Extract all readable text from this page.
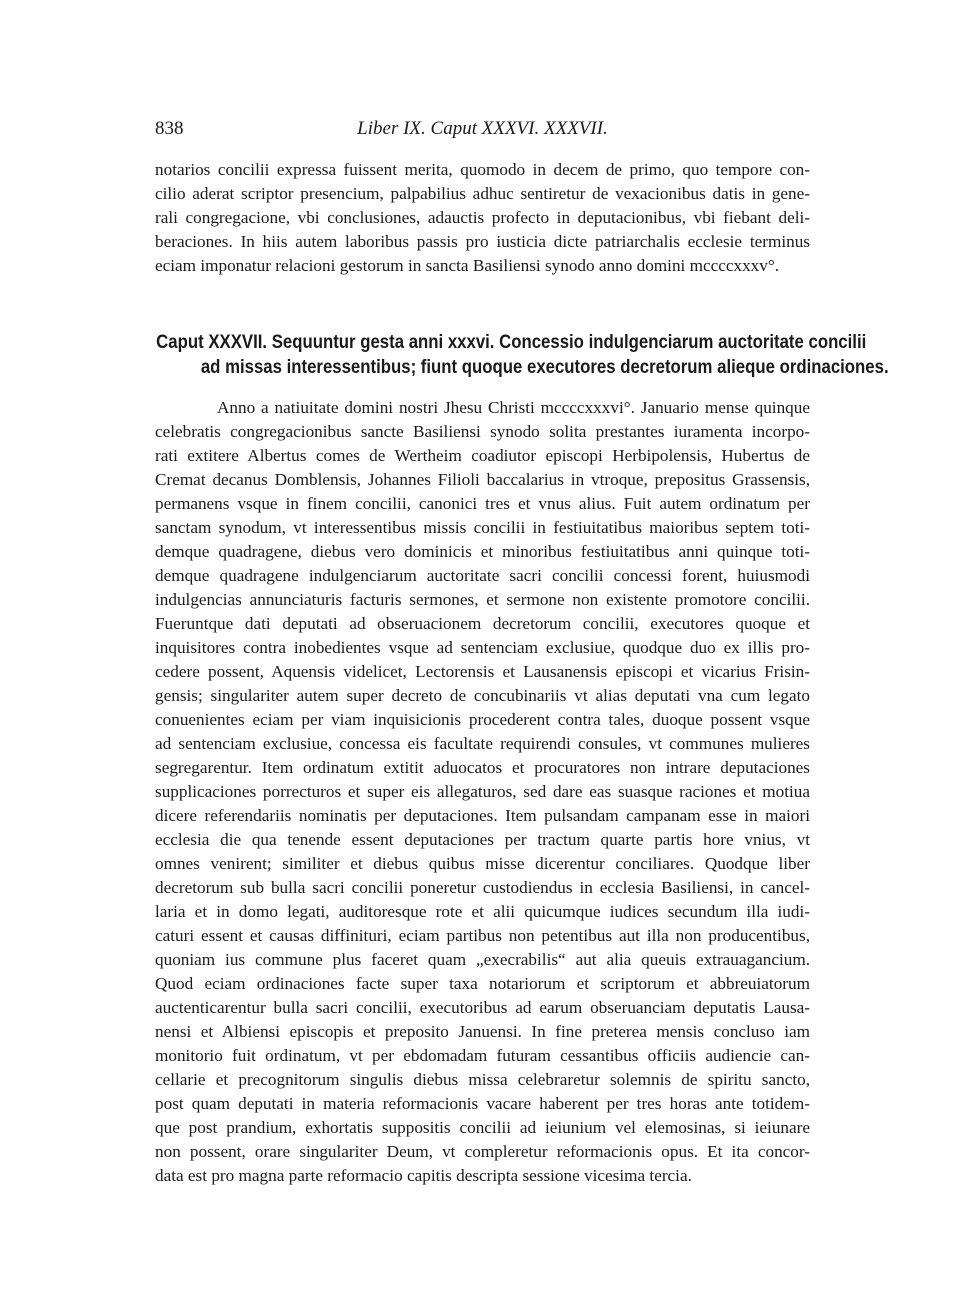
838	Liber IX. Caput XXXVI. XXXVII.
notarios concilii expressa fuissent merita, quomodo in decem de primo, quo tempore con-
cilio aderat scriptor presencium, palpabilius adhuc sentiretur de vexacionibus datis in gene-
rali congregacione, vbi conclusiones, adauctis profecto in deputacionibus, vbi fiebant deli-
beraciones. In hiis autem laboribus passis pro iusticia dicte patriarchalis ecclesie terminus
eciam imponatur relacioni gestorum in sancta Basiliensi synodo anno domini mccccxxxv°.
Caput XXXVII. Sequuntur gesta anni xxxvi. Concessio indulgenciarum auctoritate concilii
ad missas interessentibus; fiunt quoque executores decretorum alieque ordinaciones.
Anno a natiuitate domini nostri Jhesu Christi mccccxxxvi°. Januario mense quinque
celebratis congregacionibus sancte Basiliensi synodo solita prestantes iuramenta incorpo-
rati extitere Albertus comes de Wertheim coadiutor episcopi Herbipolensis, Hubertus de
Cremat decanus Domblensis, Johannes Filioli baccalarius in vtroque, prepositus Grassensis,
permanens vsque in finem concilii, canonici tres et vnus alius. Fuit autem ordinatum per
sanctam synodum, vt interessentibus missis concilii in festiuitatibus maioribus septem toti-
demque quadragene, diebus vero dominicis et minoribus festiuitatibus anni quinque toti-
demque quadragene indulgenciarum auctoritate sacri concilii concessi forent, huiusmodi
indulgencias annunciaturis facturis sermones, et sermone non existente promotore concilii.
Fueruntque dati deputati ad obseruacionem decretorum concilii, executores quoque et
inquisitores contra inobedientes vsque ad sentenciam exclusiue, quodque duo ex illis pro-
cedere possent, Aquensis videlicet, Lectorensis et Lausanensis episcopi et vicarius Frisin-
gensis; singulariter autem super decreto de concubinariis vt alias deputati vna cum legato
conuenientes eciam per viam inquisicionis procederent contra tales, duoque possent vsque
ad sentenciam exclusiue, concessa eis facultate requirendi consules, vt communes mulieres
segregarentur. Item ordinatum extitit aduocatos et procuratores non intrare deputaciones
supplicaciones porrecturos et super eis allegaturos, sed dare eas suasque raciones et motiua
dicere referendariis nominatis per deputaciones. Item pulsandam campanam esse in maiori
ecclesia die qua tenende essent deputaciones per tractum quarte partis hore vnius, vt
omnes venirent; similiter et diebus quibus misse dicerentur conciliares. Quodque liber
decretorum sub bulla sacri concilii poneretur custodiendus in ecclesia Basiliensi, in cancel-
laria et in domo legati, auditoresque rote et alii quicumque iudices secundum illa iudi-
caturi essent et causas diffinituri, eciam partibus non petentibus aut illa non producentibus,
quoniam ius commune plus faceret quam „execrabilis“ aut alia queuis extrauagancium.
Quod eciam ordinaciones facte super taxa notariorum et scriptorum et abbreuiatorum
auctenticarentur bulla sacri concilii, executoribus ad earum obseruanciam deputatis Lausa-
nensi et Albiensi episcopis et preposito Januensi. In fine preterea mensis concluso iam
monitorio fuit ordinatum, vt per ebdomadam futuram cessantibus officiis audiencie can-
cellarie et precognitorum singulis diebus missa celebraretur solemnis de spiritu sancto,
post quam deputati in materia reformacionis vacare haberent per tres horas ante totidem-
que post prandium, exhortatis suppositis concilii ad ieiunium vel elemosinas, si ieiunare
non possent, orare singulariter Deum, vt compleretur reformacionis opus. Et ita concor-
data est pro magna parte reformacio capitis descripta sessione vicesima tercia.
